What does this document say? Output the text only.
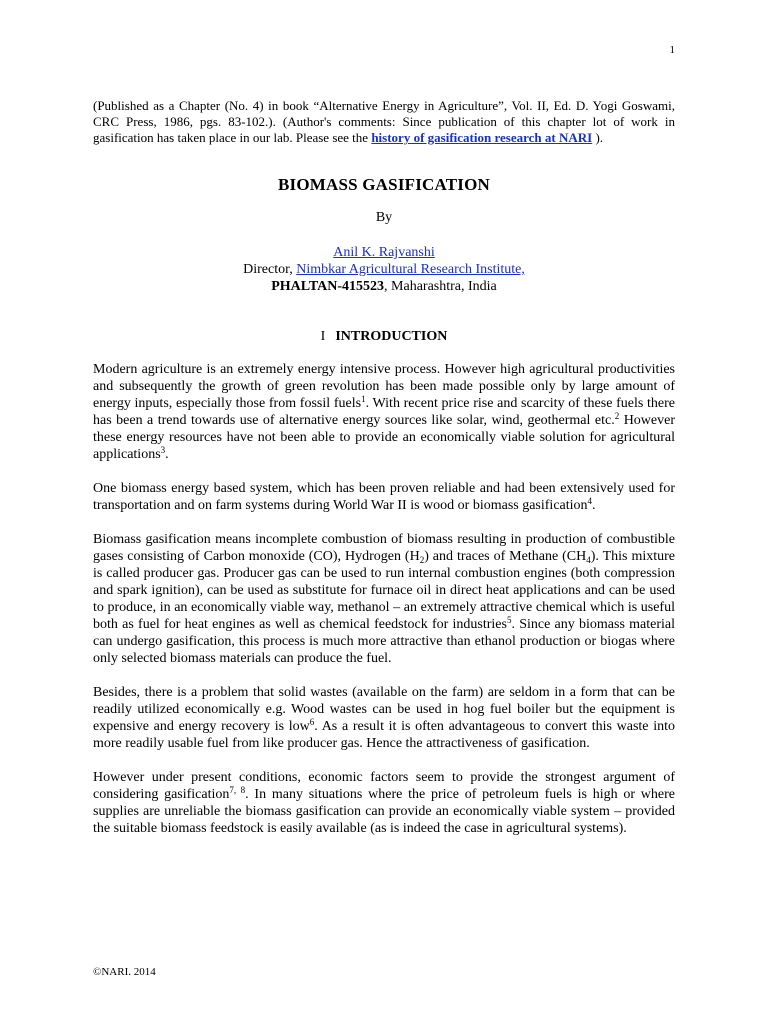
1
(Published as a Chapter (No. 4) in book “Alternative Energy in Agriculture”, Vol. II, Ed. D. Yogi Goswami, CRC Press, 1986, pgs. 83-102.). (Author's comments: Since publication of this chapter lot of work in gasification has taken place in our lab. Please see the history of gasification research at NARI ).
BIOMASS GASIFICATION
By
Anil K. Rajvanshi
Director, Nimbkar Agricultural Research Institute,
PHALTAN-415523, Maharashtra, India
I INTRODUCTION

Modern agriculture is an extremely energy intensive process. However high agricultural productivities and subsequently the growth of green revolution has been made possible only by large amount of energy inputs, especially those from fossil fuels$^1$. With recent price rise and scarcity of these fuels there has been a trend towards use of alternative energy sources like solar, wind, geothermal etc.$^2$ However these energy resources have not been able to provide an economically viable solution for agricultural applications$^3$.

One biomass energy based system, which has been proven reliable and had been extensively used for transportation and on farm systems during World War II is wood or biomass gasification$^4$.

Biomass gasification means incomplete combustion of biomass resulting in production of combustible gases consisting of Carbon monoxide (CO), Hydrogen $(H_2)$ and traces of Methane $(CH_4)$. This mixture is called producer gas. Producer gas can be used to run internal combustion engines (both compression and spark ignition), can be used as substitute for furnace oil in direct heat applications and can be used to produce, in an economically viable way, methanol – an extremely attractive chemical which is useful both as fuel for heat engines as well as chemical feedstock for industries$^5$. Since any biomass material can undergo gasification, this process is much more attractive than ethanol production or biogas where only selected biomass materials can produce the fuel.

Besides, there is a problem that solid wastes (available on the farm) are seldom in a form that can be readily utilized economically e.g. Wood wastes can be used in hog fuel boiler but the equipment is expensive and energy recovery is low$^6$. As a result it is often advantageous to convert this waste into more readily usable fuel from like producer gas. Hence the attractiveness of gasification.

However under present conditions, economic factors seem to provide the strongest argument of considering gasification$^{7, 8}$. In many situations where the price of petroleum fuels is high or where supplies are unreliable the biomass gasification can provide an economically viable system – provided the suitable biomass feedstock is easily available (as is indeed the case in agricultural systems).

©NARI. 2014
